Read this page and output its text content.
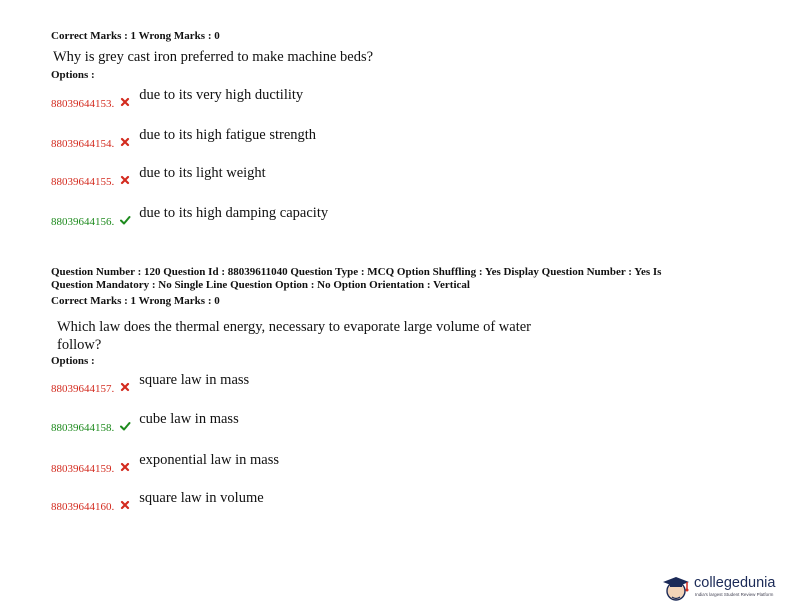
Correct Marks : 1 Wrong Marks : 0
Why is grey cast iron preferred to make machine beds?
Options :
88039644153.
due to its very high ductility
88039644154.
due to its high fatigue strength
88039644155.
due to its light weight
88039644156.
due to its high damping capacity
Question Number : 120 Question Id : 88039611040 Question Type : MCQ Option Shuffling : Yes Display Question Number : Yes Is
Question Mandatory : No Single Line Question Option : No Option Orientation : Vertical
Correct Marks : 1 Wrong Marks : 0
Which law does the thermal energy, necessary to evaporate large volume of water
follow?
Options :
88039644157.
square law in mass
88039644158.
cube law in mass
88039644159.
exponential law in mass
88039644160.
square law in volume
collegedunia
India's largest Student Review Platform
